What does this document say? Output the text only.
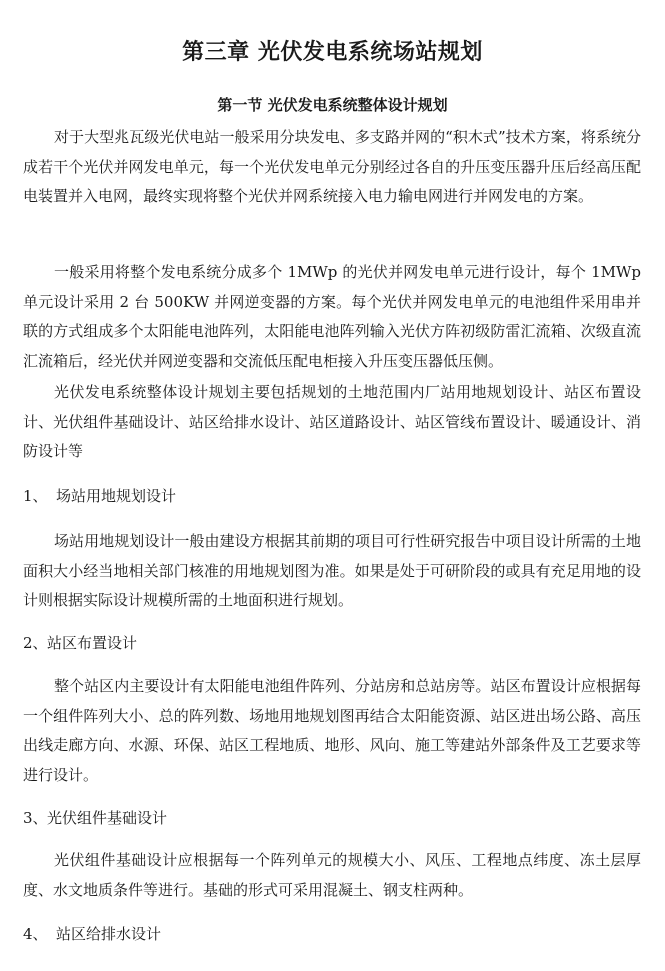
第三章 光伏发电系统场站规划
第一节 光伏发电系统整体设计规划

对于大型兆瓦级光伏电站一般采用分块发电、多支路并网的“积木式”技术方案，将系统分成若干个光伏并网发电单元，每一个光伏发电单元分别经过各自的升压变压器升压后经高压配电装置并入电网，最终实现将整个光伏并网系统接入电力输电网进行并网发电的方案。

一般采用将整个发电系统分成多个 1MWp 的光伏并网发电单元进行设计，每个 1MWp 单元设计采用 2 台 500KW 并网逆变器的方案。每个光伏并网发电单元的电池组件采用串并联的方式组成多个太阳能电池阵列，太阳能电池阵列输入光伏方阵初级防雷汇流箱、次级直流汇流箱后，经光伏并网逆变器和交流低压配电柜接入升压变压器低压侧。

光伏发电系统整体设计规划主要包括规划的土地范围内厂站用地规划设计、站区布置设计、光伏组件基础设计、站区给排水设计、站区道路设计、站区管线布置设计、暖通设计、消防设计等

1、 场站用地规划设计

场站用地规划设计一般由建设方根据其前期的项目可行性研究报告中项目设计所需的土地面积大小经当地相关部门核准的用地规划图为准。如果是处于可研阶段的或具有充足用地的设计则根据实际设计规模所需的土地面积进行规划。

2、站区布置设计

整个站区内主要设计有太阳能电池组件阵列、分站房和总站房等。站区布置设计应根据每一个组件阵列大小、总的阵列数、场地用地规划图再结合太阳能资源、站区进出场公路、高压出线走廊方向、水源、环保、站区工程地质、地形、风向、施工等建站外部条件及工艺要求等进行设计。

3、光伏组件基础设计

光伏组件基础设计应根据每一个阵列单元的规模大小、风压、工程地点纬度、冻土层厚度、水文地质条件等进行。基础的形式可采用混凝土、钢支柱两种。

4、 站区给排水设计
